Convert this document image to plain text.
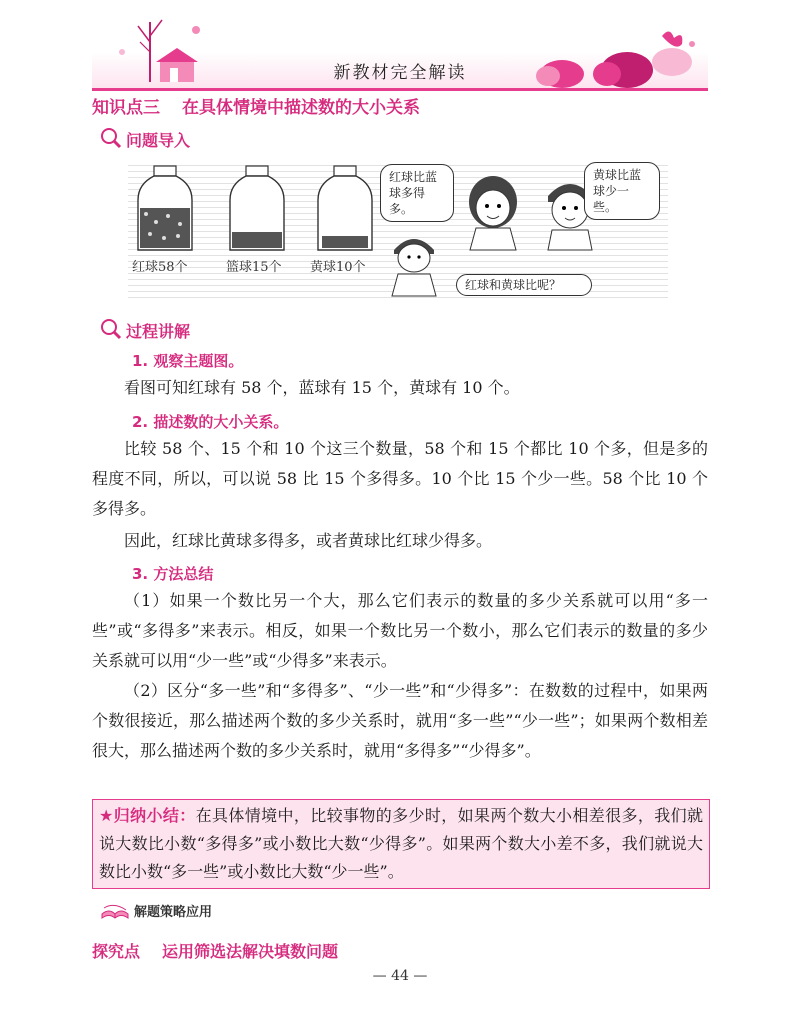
新教材完全解读
知识点三 在具体情境中描述数的大小关系
问题导入
红球58个	篮球15个 黄球10个
红球比蓝球多得多。
黄球比蓝球少一些。
红球和黄球比呢？
过程讲解
1. 观察主题图。
看图可知红球有 58 个，蓝球有 15 个，黄球有 10 个。
2. 描述数的大小关系。
比较 58 个、15 个和 10 个这三个数量，58 个和 15 个都比 10 个多，但是多的程度不同，所以，可以说 58 比 15 个多得多。10 个比 15 个少一些。58 个比 10 个多得多。
因此，红球比黄球多得多，或者黄球比红球少得多。
3. 方法总结
（1）如果一个数比另一个大，那么它们表示的数量的多少关系就可以用“多一些”或“多得多”来表示。相反，如果一个数比另一个数小，那么它们表示的数量的多少关系就可以用“少一些”或“少得多”来表示。
（2）区分“多一些”和“多得多”、“少一些”和“少得多”：在数数的过程中，如果两个数很接近，那么描述两个数的多少关系时，就用“多一些”“少一些”；如果两个数相差很大，那么描述两个数的多少关系时，就用“多得多”“少得多”。
★归纳小结：在具体情境中，比较事物的多少时，如果两个数大小相差很多，我们就说大数比小数“多得多”或小数比大数“少得多”。如果两个数大小差不多，我们就说大数比小数“多一些”或小数比大数“少一些”。
解题策略应用
探究点 运用筛选法解决填数问题
— 44 —
